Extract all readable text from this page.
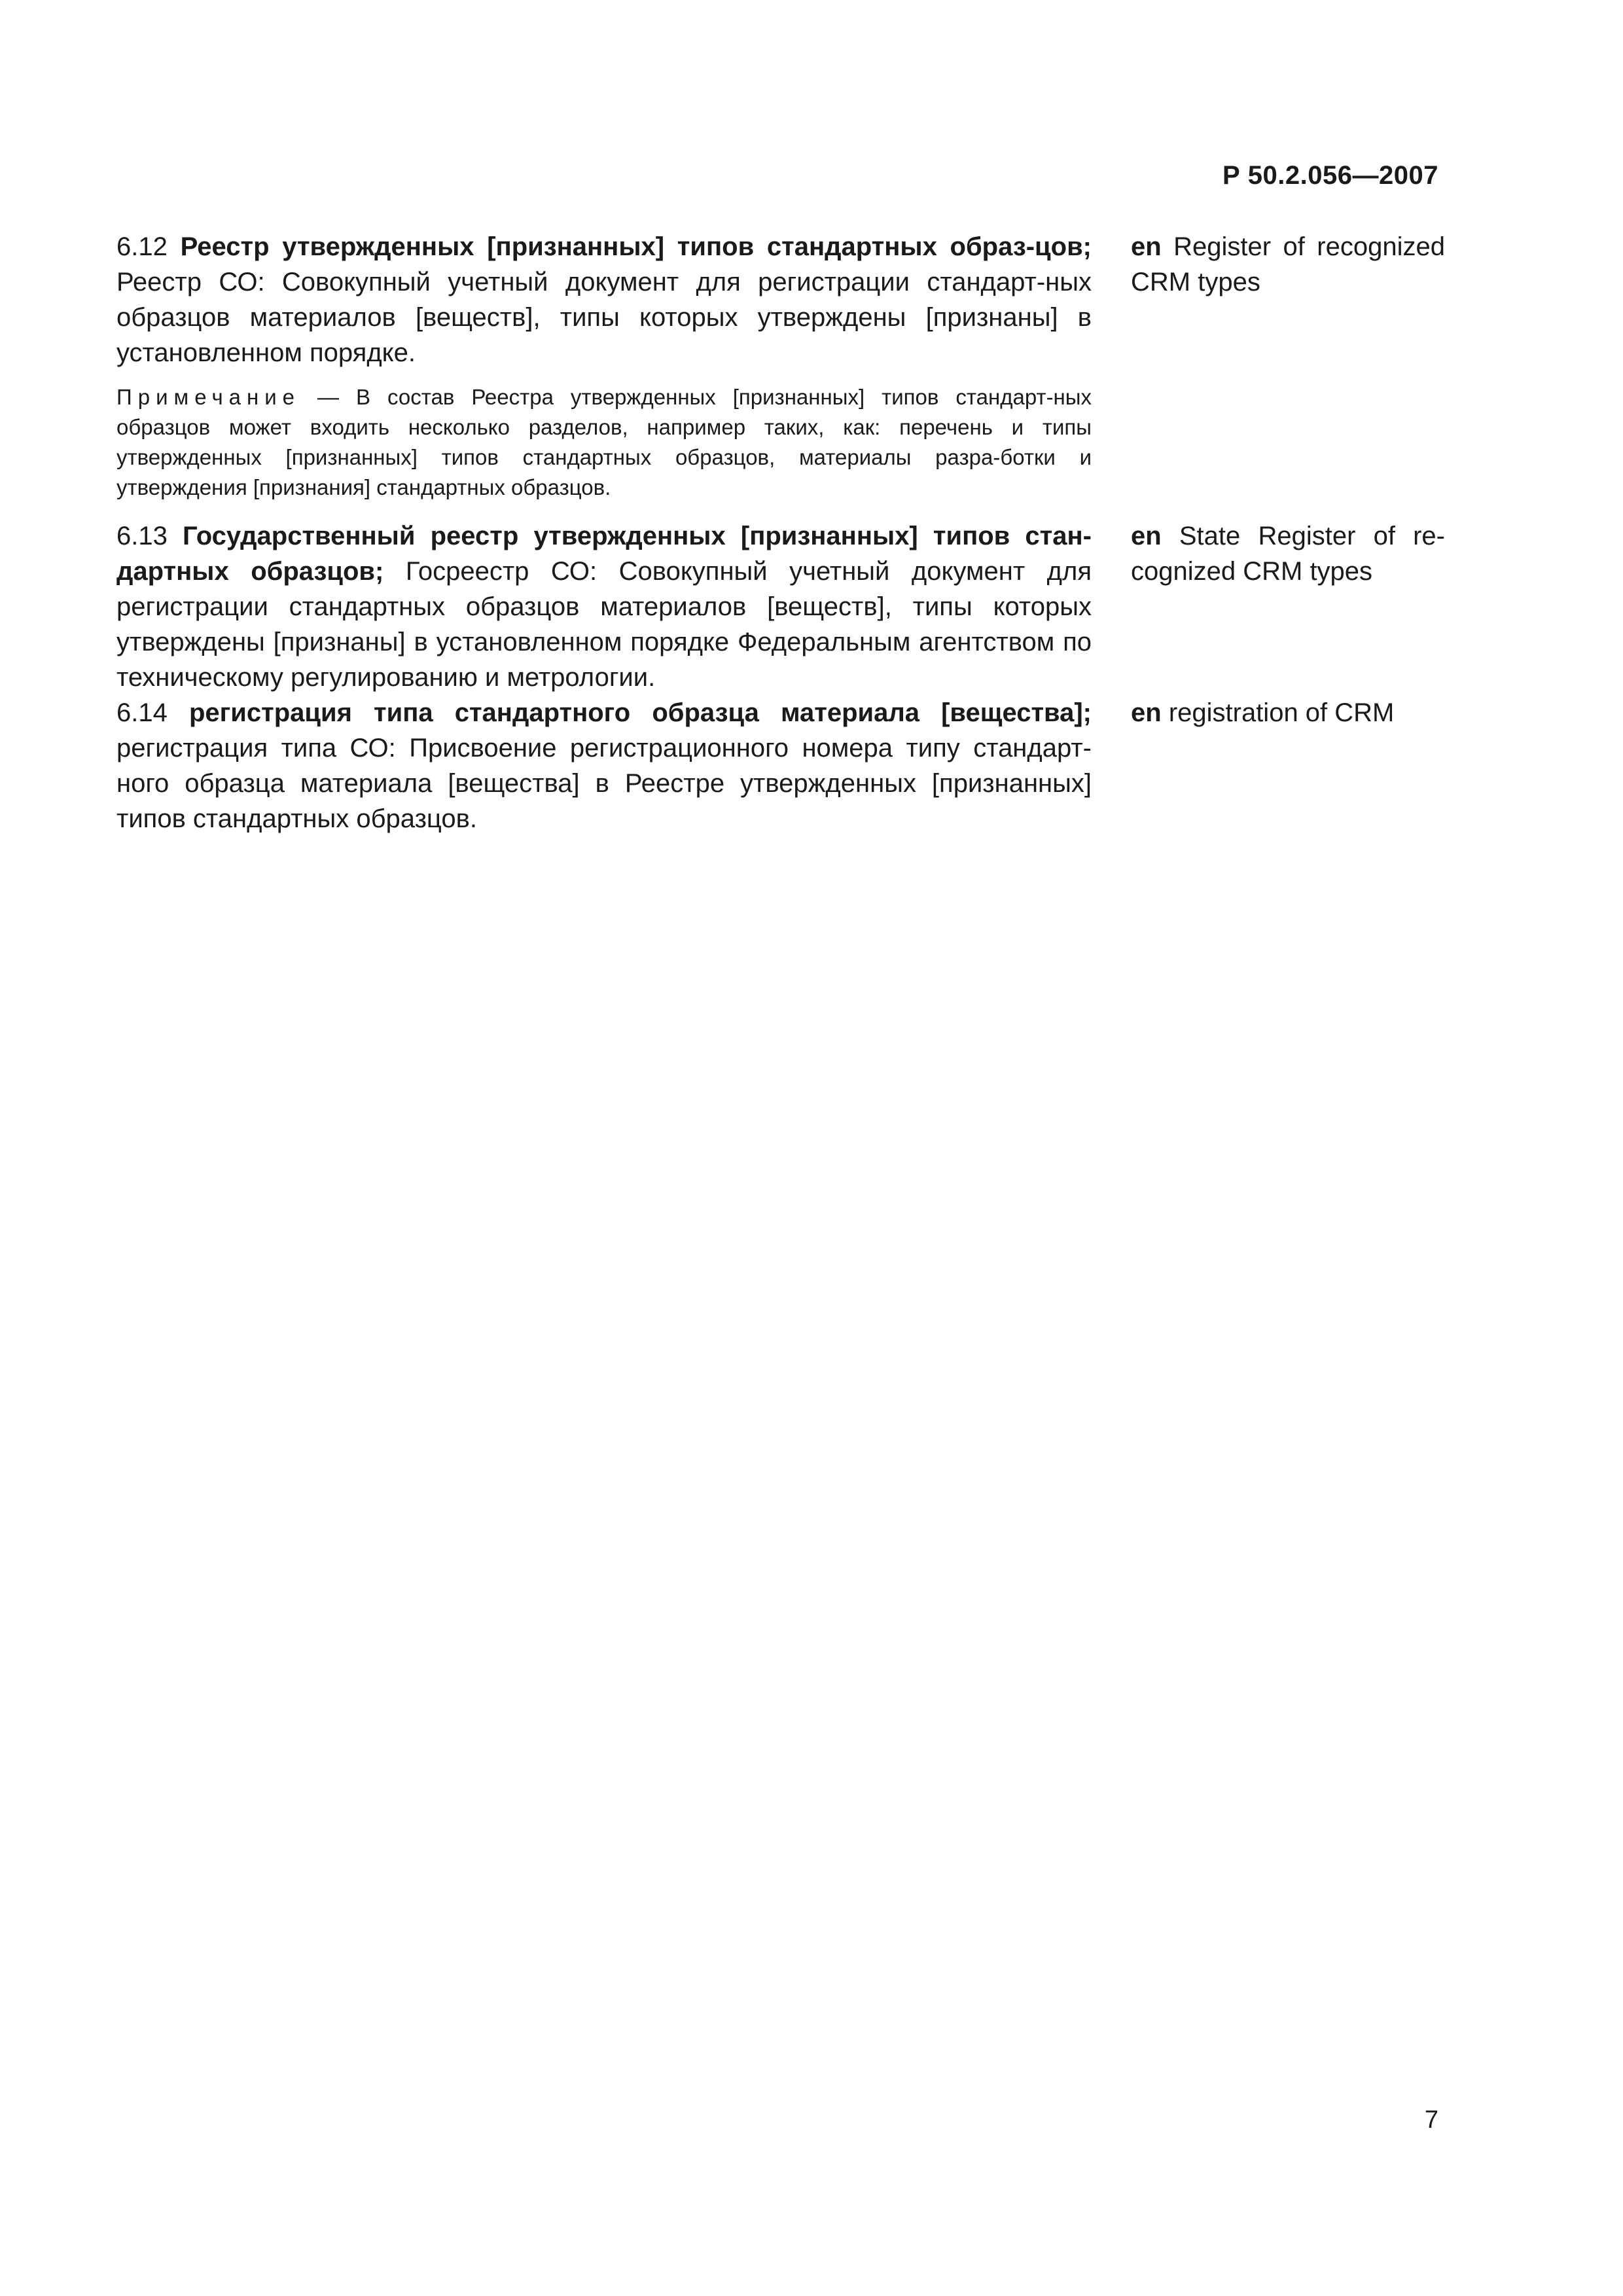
Р 50.2.056—2007
6.12 Реестр утвержденных [признанных] типов стандартных образ-цов; Реестр СО: Совокупный учетный документ для регистрации стандарт-ных образцов материалов [веществ], типы которых утверждены [признаны] в установленном порядке.
en Register of recognized CRM types

Примечание — В состав Реестра утвержденных [признанных] типов стандарт-ных образцов может входить несколько разделов, например таких, как: перечень и типы утвержденных [признанных] типов стандартных образцов, материалы разра-ботки и утверждения [признания] стандартных образцов.

6.13 Государственный реестр утвержденных [признанных] типов стан-дартных образцов; Госреестр СО: Совокупный учетный документ для регистрации стандартных образцов материалов [веществ], типы которых утверждены [признаны] в установленном порядке Федеральным агентством по техническому регулированию и метрологии.
en State Register of re-cognized CRM types
6.14 регистрация типа стандартного образца материала [вещества]; регистрация типа СО: Присвоение регистрационного номера типу стандарт-ного образца материала [вещества] в Реестре утвержденных [признанных] типов стандартных образцов.
en registration of CRM
7
